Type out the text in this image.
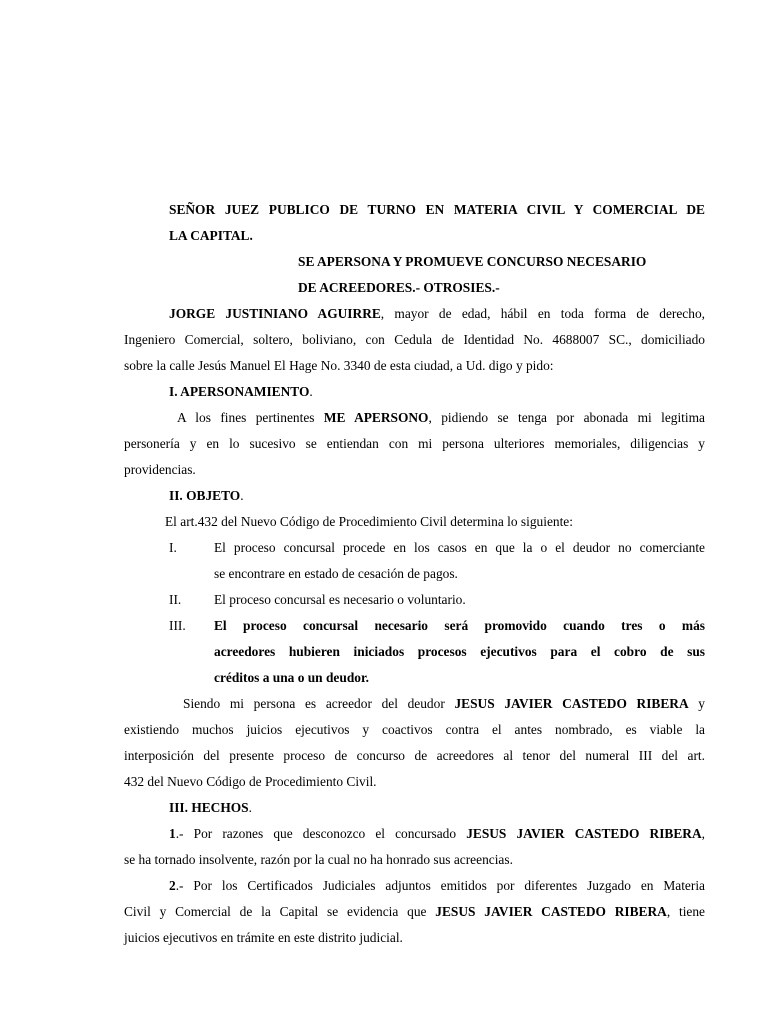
SEÑOR JUEZ PUBLICO DE TURNO EN MATERIA CIVIL Y COMERCIAL DE
LA CAPITAL.
SE APERSONA Y PROMUEVE CONCURSO NECESARIO
DE ACREEDORES.- OTROSIES.-
JORGE JUSTINIANO AGUIRRE, mayor de edad, hábil en toda forma de derecho,
Ingeniero Comercial, soltero, boliviano, con Cedula de Identidad No. 4688007 SC., domiciliado
sobre la calle Jesús Manuel El Hage No. 3340 de esta ciudad, a Ud. digo y pido:
I. APERSONAMIENTO.
A los fines pertinentes ME APERSONO, pidiendo se tenga por abonada mi legitima
personería y en lo sucesivo se entiendan con mi persona ulteriores memoriales, diligencias y
providencias.
II. OBJETO.
El art.432 del Nuevo Código de Procedimiento Civil determina lo siguiente:
I.	El proceso concursal procede en los casos en que la o el deudor no comerciante
se encontrare en estado de cesación de pagos.
II. El proceso concursal es necesario o voluntario.
III. El proceso concursal necesario será promovido cuando tres o más
acreedores hubieren iniciados procesos ejecutivos para el cobro de sus
créditos a una o un deudor.
Siendo mi persona es acreedor del deudor JESUS JAVIER CASTEDO RIBERA y
existiendo muchos juicios ejecutivos y coactivos contra el antes nombrado, es viable la
interposición del presente proceso de concurso de acreedores al tenor del numeral III del art.
432 del Nuevo Código de Procedimiento Civil.
III. HECHOS.
1.- Por razones que desconozco el concursado JESUS JAVIER CASTEDO RIBERA,
se ha tornado insolvente, razón por la cual no ha honrado sus acreencias.
2.- Por los Certificados Judiciales adjuntos emitidos por diferentes Juzgado en Materia
Civil y Comercial de la Capital se evidencia que JESUS JAVIER CASTEDO RIBERA, tiene
juicios ejecutivos en trámite en este distrito judicial.
